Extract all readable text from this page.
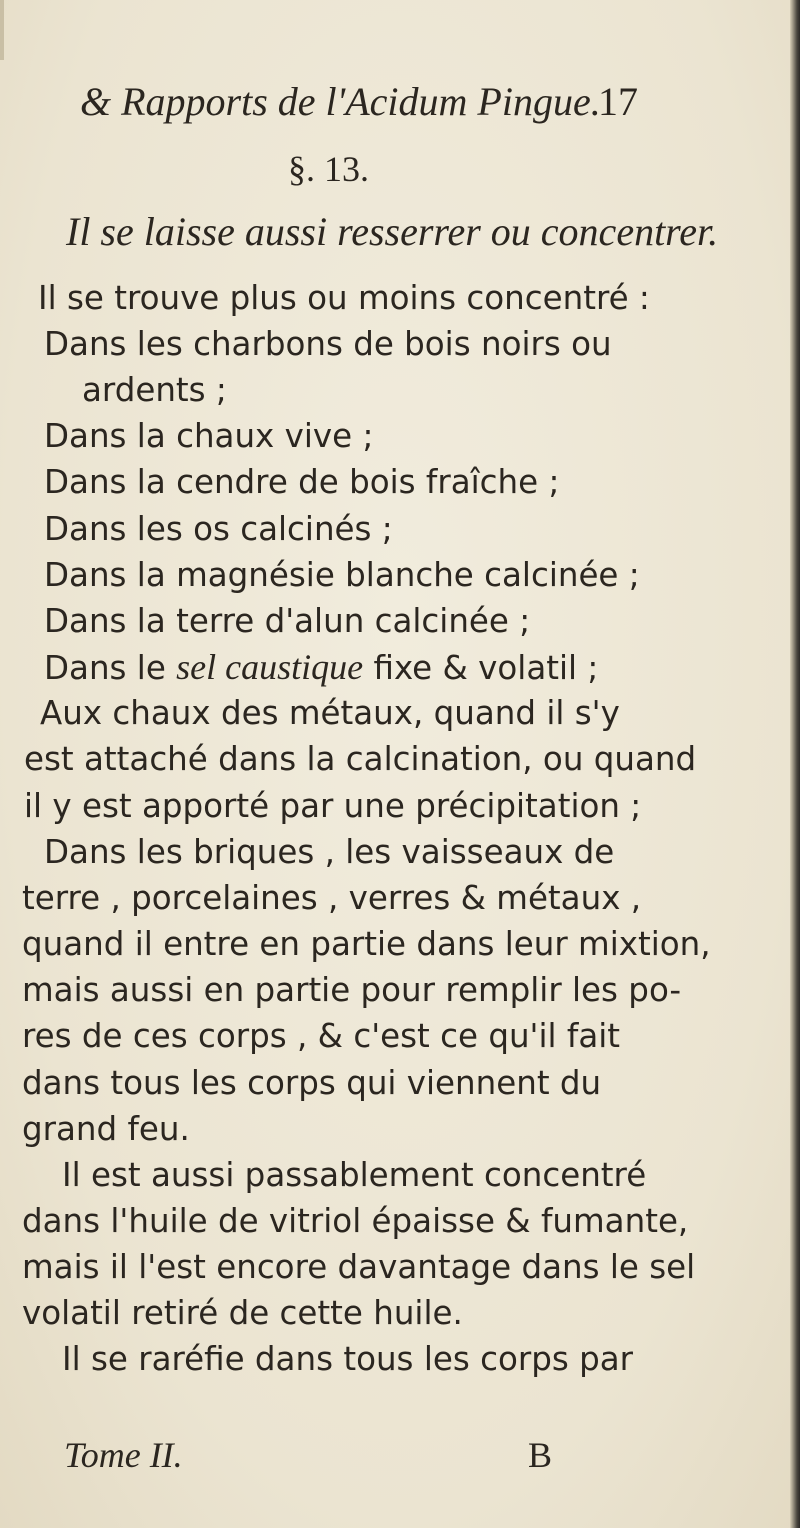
& Rapports de l'Acidum Pingue.
17
§. 13.
Il se laisse aussi resserrer ou concentrer.
Il se trouve plus ou moins concentré :
Dans les charbons de bois noirs ou
ardents ;
Dans la chaux vive ;
Dans la cendre de bois fraîche ;
Dans les os calcinés ;
Dans la magnésie blanche calcinée ;
Dans la terre d'alun calcinée ;
Dans le sel caustique fixe & volatil ;
Aux chaux des métaux, quand il s'y
est attaché dans la calcination, ou quand
il y est apporté par une précipitation ;
Dans les briques , les vaisseaux de
terre , porcelaines , verres & métaux ,
quand il entre en partie dans leur mixtion,
mais aussi en partie pour remplir les po-
res de ces corps , & c'est ce qu'il fait
dans tous les corps qui viennent du
grand feu.
Il est aussi passablement concentré
dans l'huile de vitriol épaisse & fumante,
mais il l'est encore davantage dans le sel
volatil retiré de cette huile.
Il se raréfie dans tous les corps par
Tome II.	B
